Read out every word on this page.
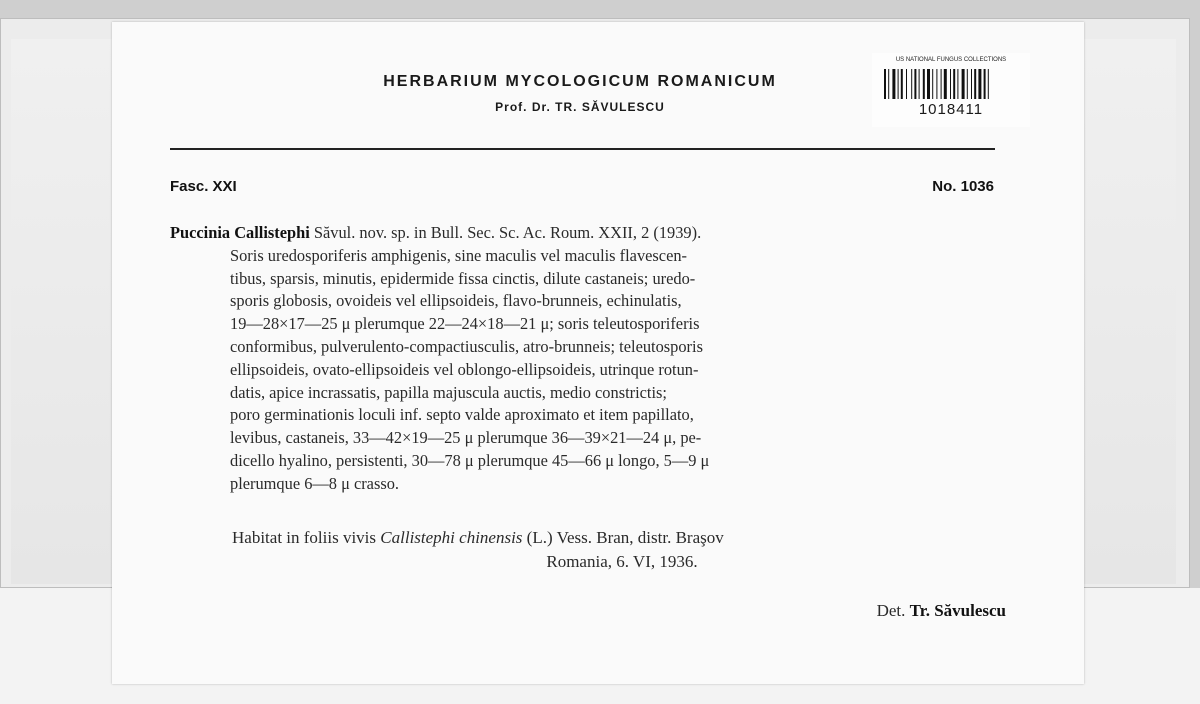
HERBARIUM MYCOLOGICUM ROMANICUM
Prof. Dr. TR. SĂVULESCU
US NATIONAL FUNGUS COLLECTIONS
1018411
Fasc. XXI	No. 1036
Puccinia Callistephi Săvul. nov. sp. in Bull. Sec. Sc. Ac. Roum. XXII, 2 (1939).
Soris uredosporiferis amphigenis, sine maculis vel maculis flavescen-
tibus, sparsis, minutis, epidermide fissa cinctis, dilute castaneis; uredo-
sporis globosis, ovoideis vel ellipsoideis, flavo-brunneis, echinulatis,
19—28×17—25 μ plerumque 22—24×18—21 μ; soris teleutosporiferis
conformibus, pulverulento-compactiusculis, atro-brunneis; teleutosporis
ellipsoideis, ovato-ellipsoideis vel oblongo-ellipsoideis, utrinque rotun-
datis, apice incrassatis, papilla majuscula auctis, medio constrictis;
poro germinationis loculi inf. septo valde aproximato et item papillato,
levibus, castaneis, 33—42×19—25 μ plerumque 36—39×21—24 μ, pe-
dicello hyalino, persistenti, 30—78 μ plerumque 45—66 μ longo, 5—9 μ
plerumque 6—8 μ crasso.
Habitat in foliis vivis Callistephi chinensis (L.) Vess. Bran, distr. Braşov
Romania, 6. VI, 1936.
Det. Tr. Săvulescu
